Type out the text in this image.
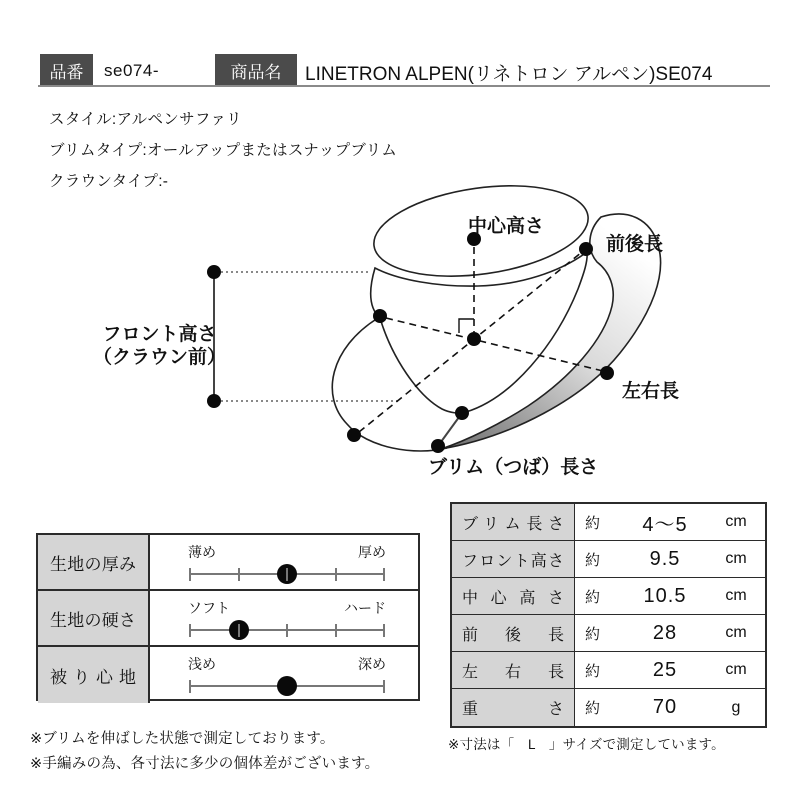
品番 se074-	商品名 LINETRON ALPEN(リネトロン アルペン)SE074
スタイル:アルペンサファリ
ブリムタイプ:オールアップまたはスナップブリム
クラウンタイプ:-
中心高さ
前後長
フロント高さ
（クラウン前）
左右長
ブリム（つば）長さ
生地の厚み
薄め	厚め
生地の硬さ
ソフト	ハード
被り心地
浅め	深め
ブリム長さ	約	4〜5	cm
フロント高さ	約	9.5	cm
中心高さ	約	10.5	cm
前後長	約	28	cm
左右長	約	25	cm
重さ	約	70	g
※ブリムを伸ばした状態で測定しております。
※手編みの為、各寸法に多少の個体差がございます。
※寸法は「　L　」サイズで測定しています。
